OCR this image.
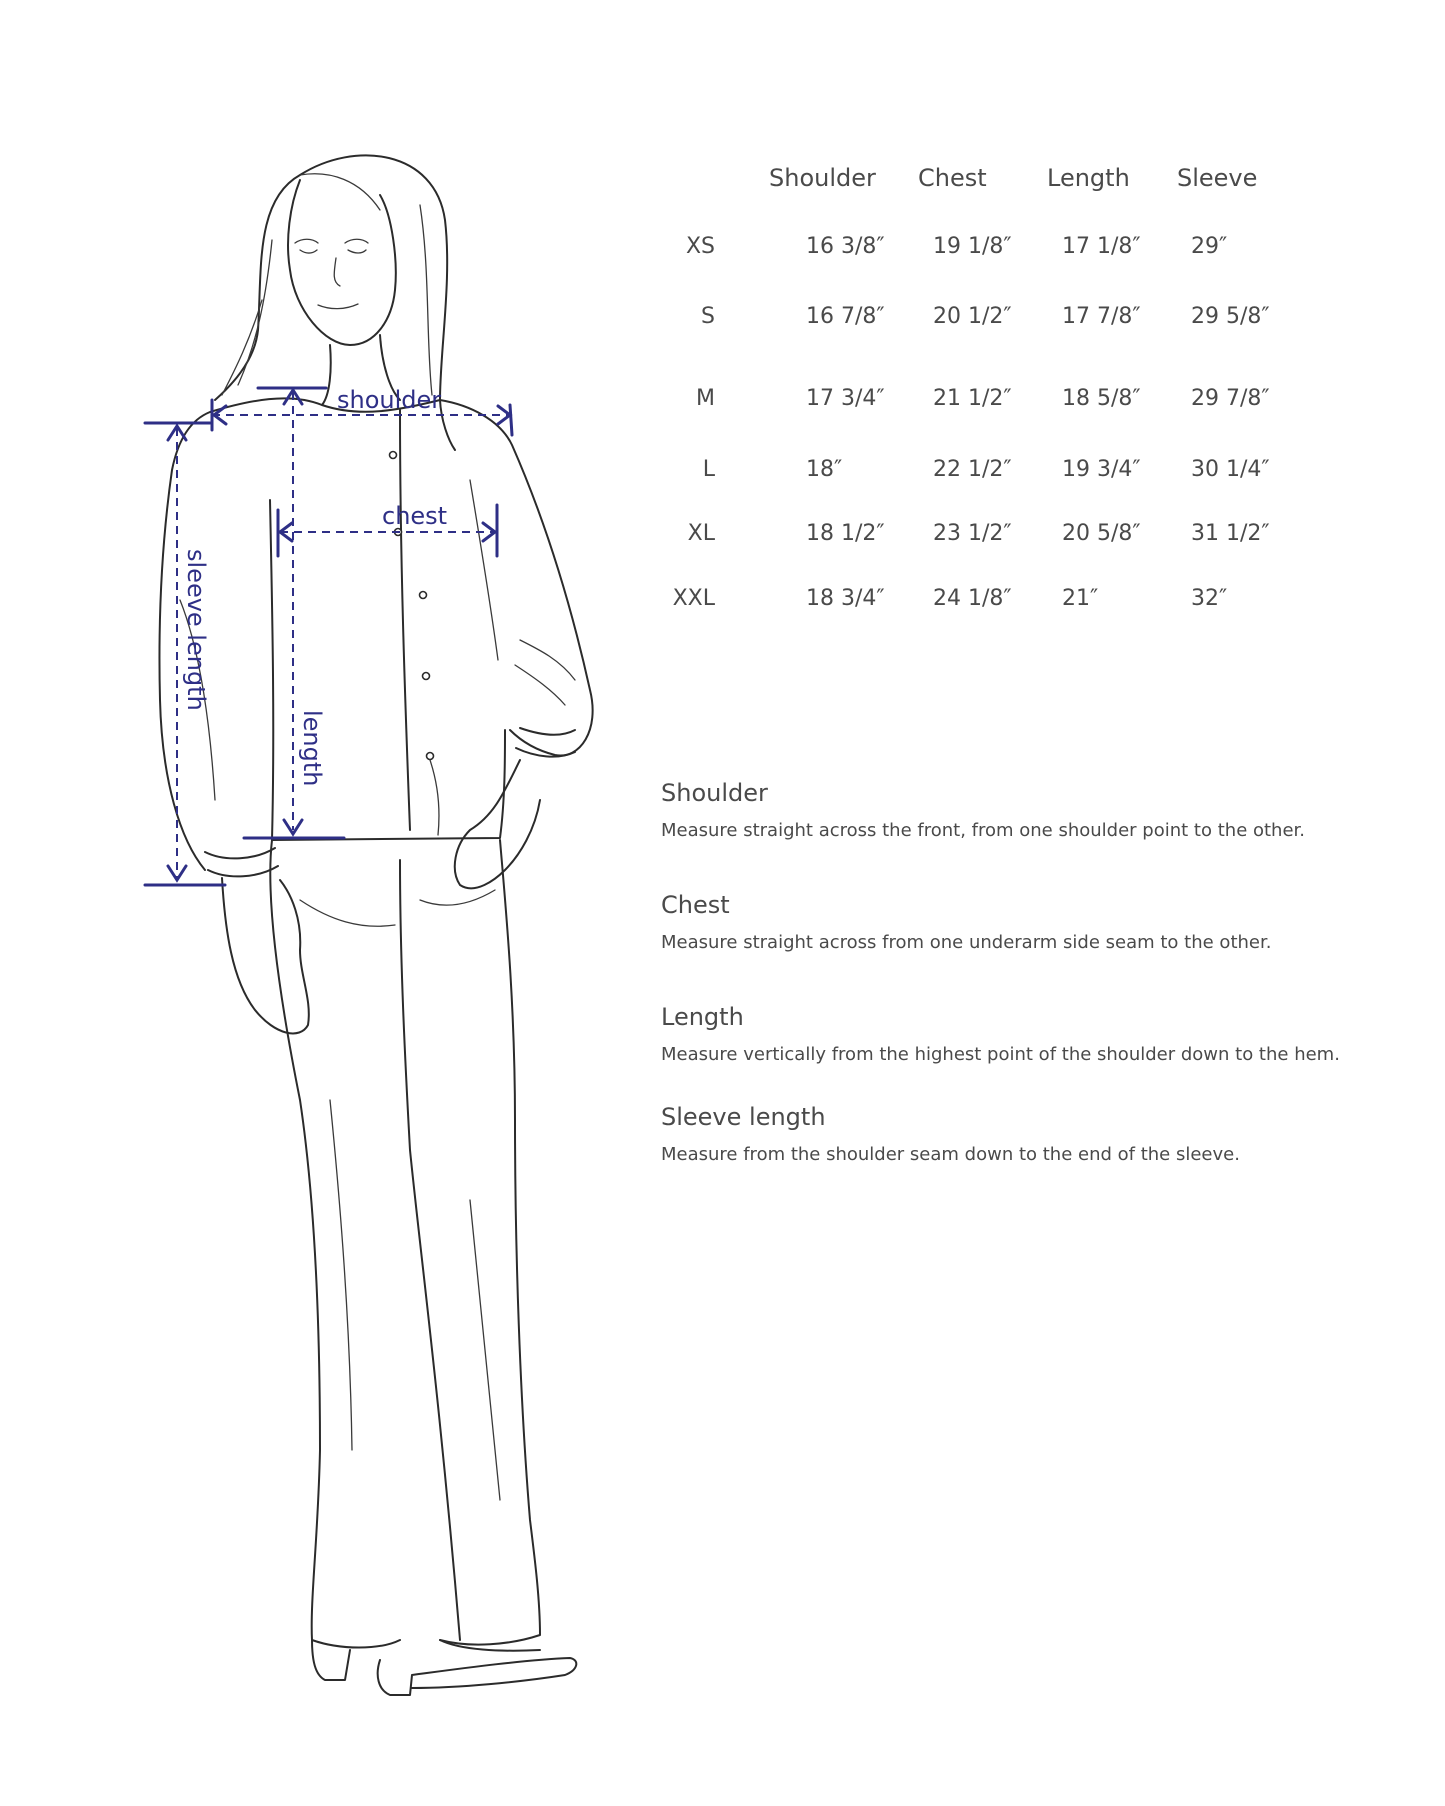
shoulder
chest
length
sleeve length
Shoulder Chest	Length Sleeve
XS	16 3/8″ 19 1/8″ 17 1/8″ 29″
S	16 7/8″ 20 1/2″ 17 7/8″ 29 5/8″
M	17 3/4″ 21 1/2″ 18 5/8″ 29 7/8″
L	18″	22 1/2″ 19 3/4″ 30 1/4″
XL	18 1/2″ 23 1/2″ 20 5/8″ 31 1/2″
XXL	18 3/4″ 24 1/8″ 21″	32″
Shoulder
Measure straight across the front, from one shoulder point to the other.
Chest
Measure straight across from one underarm side seam to the other.
Length
Measure vertically from the highest point of the shoulder down to the hem.
Sleeve length
Measure from the shoulder seam down to the end of the sleeve.
